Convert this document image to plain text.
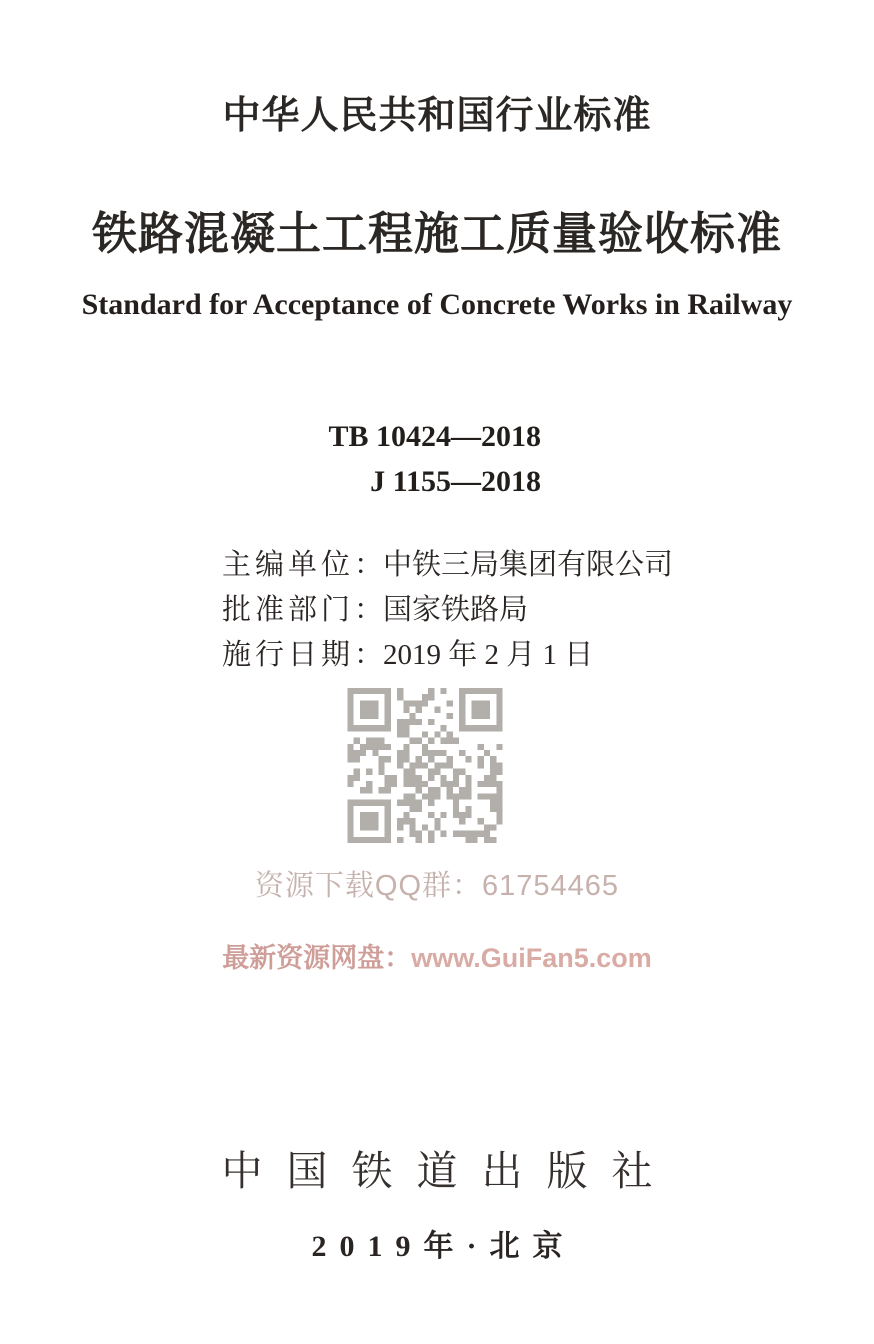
中华人民共和国行业标准
铁路混凝土工程施工质量验收标准
Standard for Acceptance of Concrete Works in Railway
TB 10424—2018
J 1155—2018
主编单位：中铁三局集团有限公司
批准部门：国家铁路局
施行日期：2019 年 2 月 1 日
资源下载QQ群：61754465
最新资源网盘：www.GuiFan5.com
中国铁道出版社
2019年·北京
